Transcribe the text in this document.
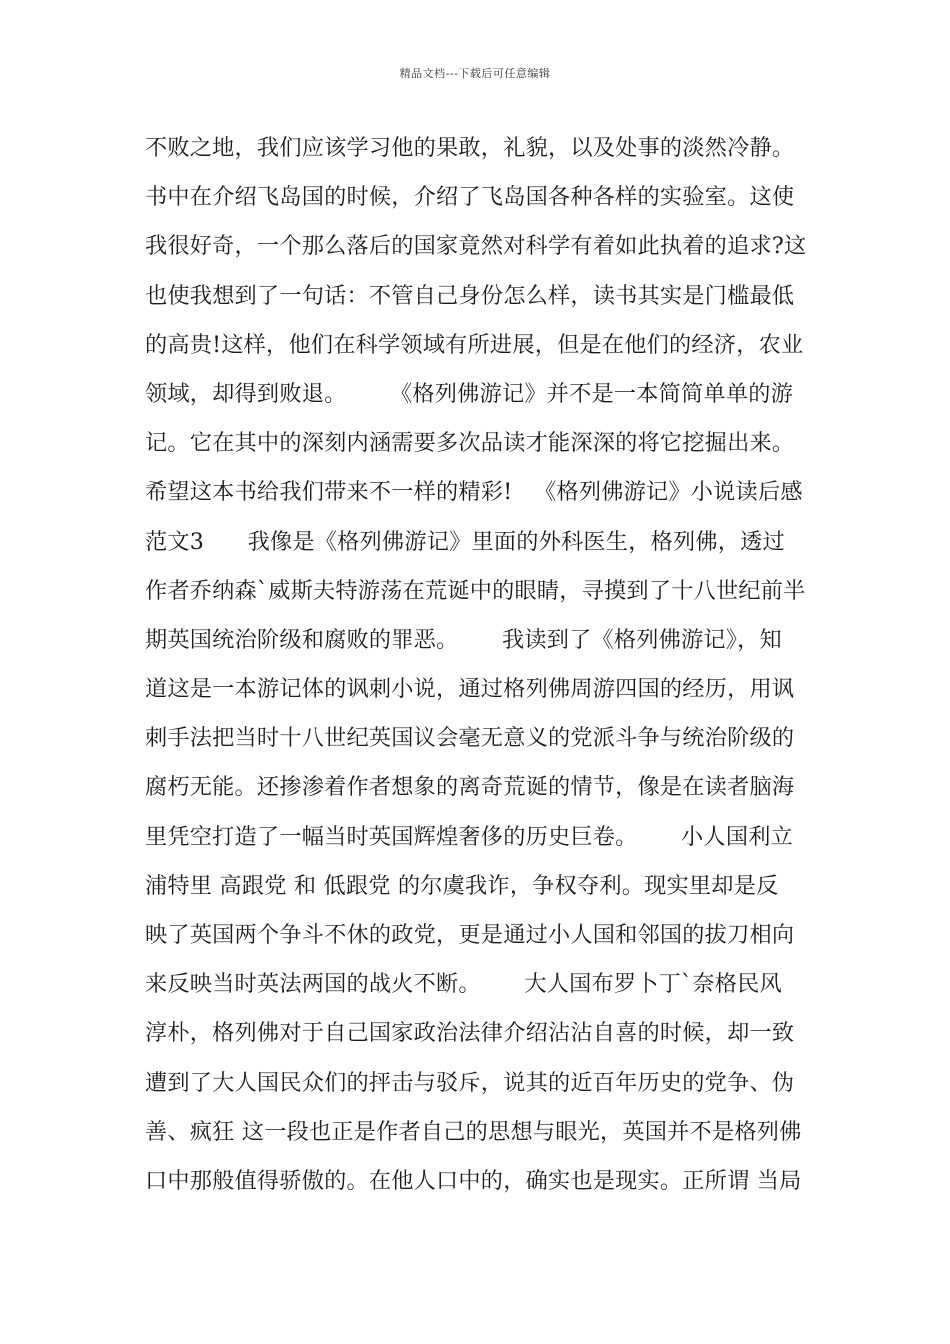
精品文档---下载后可任意编辑
不败之地，我们应该学习他的果敢，礼貌，以及处事的淡然冷静。
书中在介绍飞岛国的时候，介绍了飞岛国各种各样的实验室。这使
我很好奇，一个那么落后的国家竟然对科学有着如此执着的追求?这
也使我想到了一句话：不管自己身份怎么样，读书其实是门槛最低
的高贵!这样，他们在科学领域有所进展，但是在他们的经济，农业
领域，却得到败退。      《格列佛游记》并不是一本简简单单的游
记。它在其中的深刻内涵需要多次品读才能深深的将它挖掘出来。
希望这本书给我们带来不一样的精彩!   《格列佛游记》小说读后感
范文3      我像是《格列佛游记》里面的外科医生，格列佛，透过
作者乔纳森`威斯夫特游荡在荒诞中的眼睛，寻摸到了十八世纪前半
期英国统治阶级和腐败的罪恶。      我读到了《格列佛游记》，知
道这是一本游记体的讽刺小说，通过格列佛周游四国的经历，用讽
刺手法把当时十八世纪英国议会毫无意义的党派斗争与统治阶级的
腐朽无能。还掺渗着作者想象的离奇荒诞的情节，像是在读者脑海
里凭空打造了一幅当时英国辉煌奢侈的历史巨卷。      小人国利立
浦特里 高跟党 和 低跟党 的尔虞我诈，争权夺利。现实里却是反
映了英国两个争斗不休的政党，更是通过小人国和邻国的拔刀相向
来反映当时英法两国的战火不断。      大人国布罗卜丁`奈格民风
淳朴，格列佛对于自己国家政治法律介绍沾沾自喜的时候，却一致
遭到了大人国民众们的抨击与驳斥，说其的近百年历史的党争、伪
善、疯狂 这一段也正是作者自己的思想与眼光，英国并不是格列佛
口中那般值得骄傲的。在他人口中的，确实也是现实。正所谓 当局
